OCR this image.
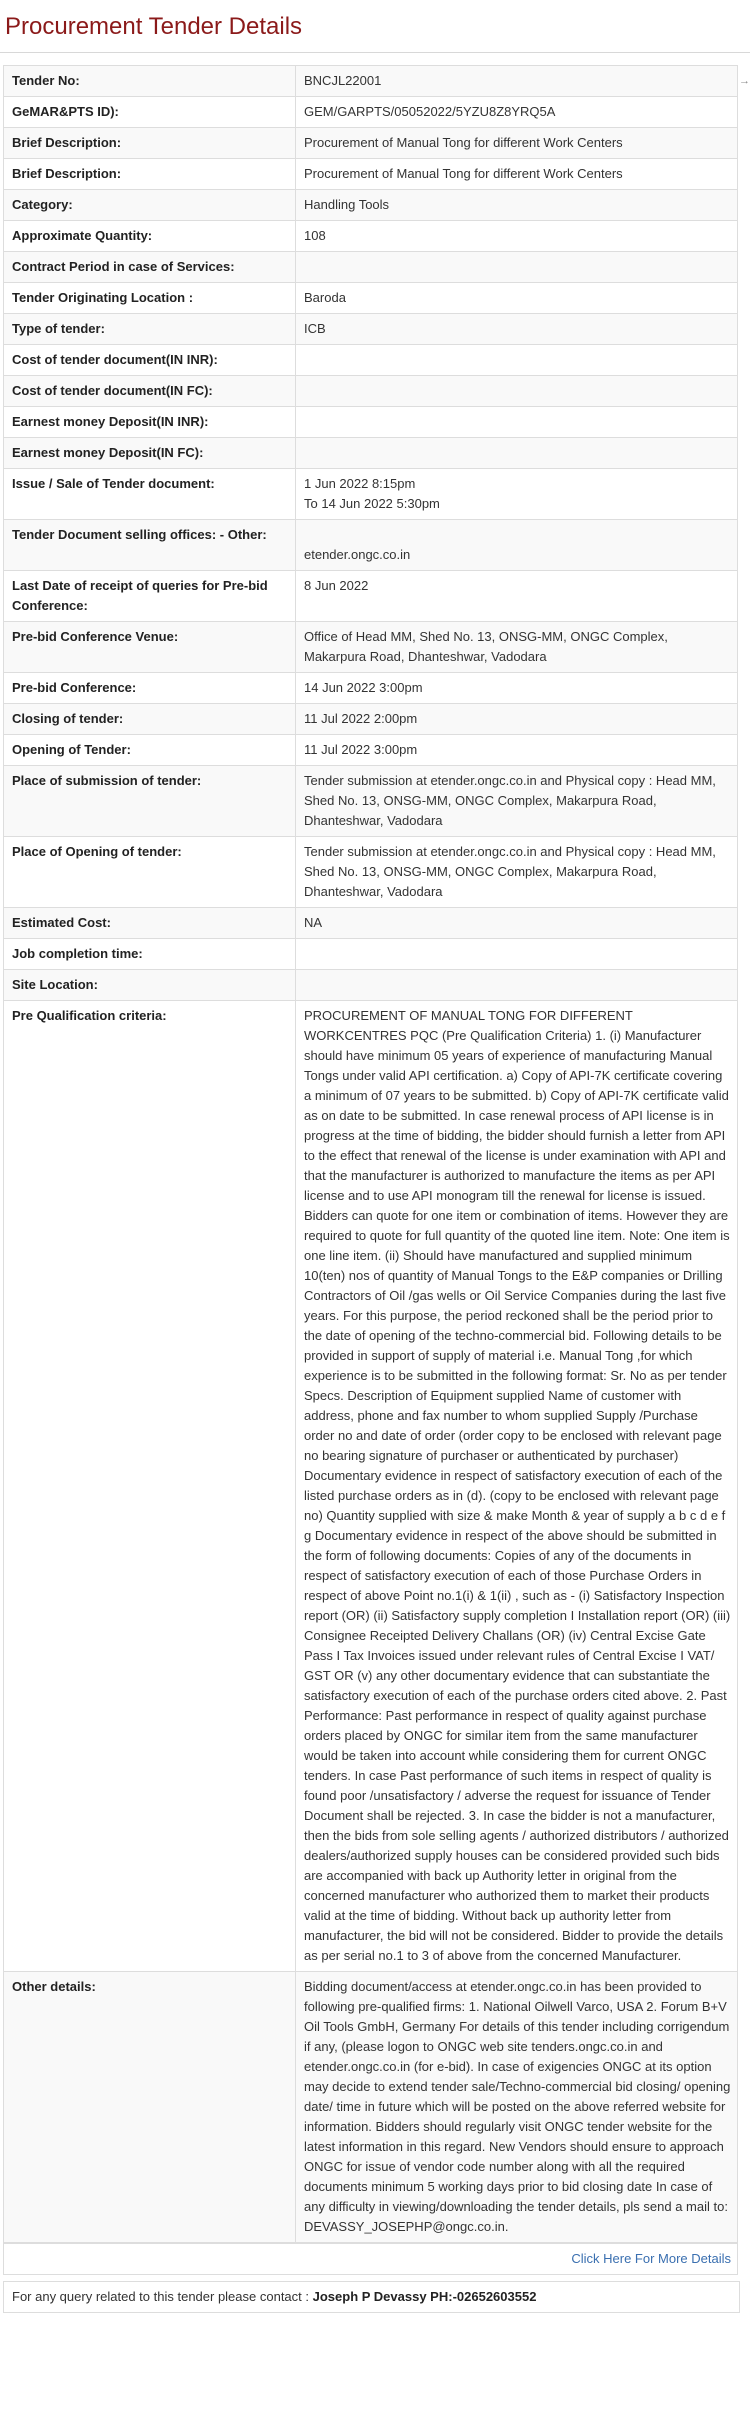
Procurement Tender Details
→
Tender No:	BNCJL22001

GeMAR&PTS ID):	GEM/GARPTS/05052022/5YZU8Z8YRQ5A

Brief Description:	Procurement of Manual Tong for different Work Centers

Brief Description:	Procurement of Manual Tong for different Work Centers

Category:	Handling Tools

Approximate Quantity:	108

Contract Period in case of Services:	

Tender Originating Location :	Baroda

Type of tender:	ICB

Cost of tender document(IN INR):	

Cost of tender document(IN FC):	

Earnest money Deposit(IN INR):	

Earnest money Deposit(IN FC):	

Issue / Sale of Tender document:	1 Jun 2022 8:15pm
To 14 Jun 2022 5:30pm

Tender Document selling offices: - Other:	etender.ongc.co.in

Last Date of receipt of queries for Pre-bid Conference:	8 Jun 2022

Pre-bid Conference Venue:	Office of Head MM, Shed No. 13, ONSG-MM, ONGC Complex, Makarpura Road, Dhanteshwar, Vadodara

Pre-bid Conference:	14 Jun 2022 3:00pm

Closing of tender:	11 Jul 2022 2:00pm

Opening of Tender:	11 Jul 2022 3:00pm

Place of submission of tender:	Tender submission at etender.ongc.co.in and Physical copy : Head MM, Shed No. 13, ONSG-MM, ONGC Complex, Makarpura Road, Dhanteshwar, Vadodara

Place of Opening of tender:	Tender submission at etender.ongc.co.in and Physical copy : Head MM, Shed No. 13, ONSG-MM, ONGC Complex, Makarpura Road, Dhanteshwar, Vadodara

Estimated Cost:	NA

Job completion time:	

Site Location:	

Pre Qualification criteria:	PROCUREMENT OF MANUAL TONG FOR DIFFERENT WORKCENTRES PQC (Pre Qualification Criteria) 1. (i) Manufacturer should have minimum 05 years of experience of manufacturing Manual Tongs under valid API certification. a) Copy of API-7K certificate covering a minimum of 07 years to be submitted. b) Copy of API-7K certificate valid as on date to be submitted. In case renewal process of API license is in progress at the time of bidding, the bidder should furnish a letter from API to the effect that renewal of the license is under examination with API and that the manufacturer is authorized to manufacture the items as per API license and to use API monogram till the renewal for license is issued. Bidders can quote for one item or combination of items. However they are required to quote for full quantity of the quoted line item. Note: One item is one line item. (ii) Should have manufactured and supplied minimum 10(ten) nos of quantity of Manual Tongs to the E&P companies or Drilling Contractors of Oil /gas wells or Oil Service Companies during the last five years. For this purpose, the period reckoned shall be the period prior to the date of opening of the techno-commercial bid. Following details to be provided in support of supply of material i.e. Manual Tong ,for which experience is to be submitted in the following format: Sr. No as per tender Specs. Description of Equipment supplied Name of customer with address, phone and fax number to whom supplied Supply /Purchase order no and date of order (order copy to be enclosed with relevant page no bearing signature of purchaser or authenticated by purchaser) Documentary evidence in respect of satisfactory execution of each of the listed purchase orders as in (d). (copy to be enclosed with relevant page no) Quantity supplied with size & make Month & year of supply a b c d e f g Documentary evidence in respect of the above should be submitted in the form of following documents: Copies of any of the documents in respect of satisfactory execution of each of those Purchase Orders in respect of above Point no.1(i) & 1(ii) , such as - (i) Satisfactory Inspection report (OR) (ii) Satisfactory supply completion I Installation report (OR) (iii) Consignee Receipted Delivery Challans (OR) (iv) Central Excise Gate Pass I Tax Invoices issued under relevant rules of Central Excise I VAT/ GST OR (v) any other documentary evidence that can substantiate the satisfactory execution of each of the purchase orders cited above. 2. Past Performance: Past performance in respect of quality against purchase orders placed by ONGC for similar item from the same manufacturer would be taken into account while considering them for current ONGC tenders. In case Past performance of such items in respect of quality is found poor /unsatisfactory / adverse the request for issuance of Tender Document shall be rejected. 3. In case the bidder is not a manufacturer, then the bids from sole selling agents / authorized distributors / authorized dealers/authorized supply houses can be considered provided such bids are accompanied with back up Authority letter in original from the concerned manufacturer who authorized them to market their products valid at the time of bidding. Without back up authority letter from manufacturer, the bid will not be considered. Bidder to provide the details as per serial no.1 to 3 of above from the concerned Manufacturer.

Other details:	Bidding document/access at etender.ongc.co.in has been provided to following pre-qualified firms: 1. National Oilwell Varco, USA 2. Forum B+V Oil Tools GmbH, Germany For details of this tender including corrigendum if any, (please logon to ONGC web site tenders.ongc.co.in and etender.ongc.co.in (for e-bid). In case of exigencies ONGC at its option may decide to extend tender sale/Techno-commercial bid closing/ opening date/ time in future which will be posted on the above referred website for information. Bidders should regularly visit ONGC tender website for the latest information in this regard. New Vendors should ensure to approach ONGC for issue of vendor code number along with all the required documents minimum 5 working days prior to bid closing date In case of any difficulty in viewing/downloading the tender details, pls send a mail to: DEVASSY_JOSEPHP@ongc.co.in.
Click Here For More Details
For any query related to this tender please contact : Joseph P Devassy PH:-02652603552
